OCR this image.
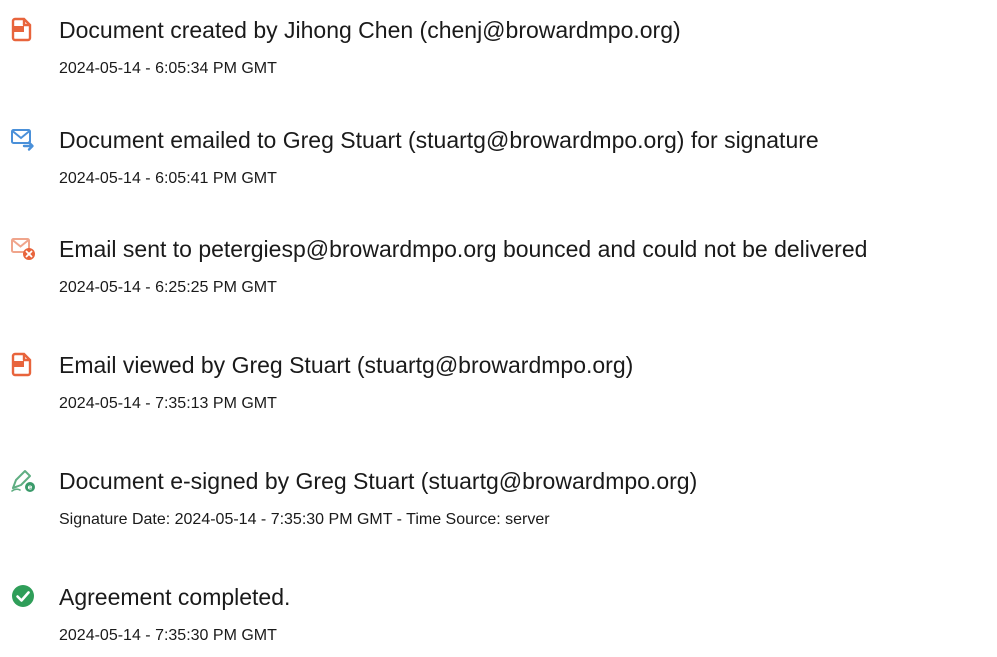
Document created by Jihong Chen (chenj@browardmpo.org)
2024-05-14 - 6:05:34 PM GMT
Document emailed to Greg Stuart (stuartg@browardmpo.org) for signature
2024-05-14 - 6:05:41 PM GMT
Email sent to petergiesp@browardmpo.org bounced and could not be delivered
2024-05-14 - 6:25:25 PM GMT
Email viewed by Greg Stuart (stuartg@browardmpo.org)
2024-05-14 - 7:35:13 PM GMT
e Document e-signed by Greg Stuart (stuartg@browardmpo.org)
Signature Date: 2024-05-14 - 7:35:30 PM GMT - Time Source: server
Agreement completed.
2024-05-14 - 7:35:30 PM GMT
